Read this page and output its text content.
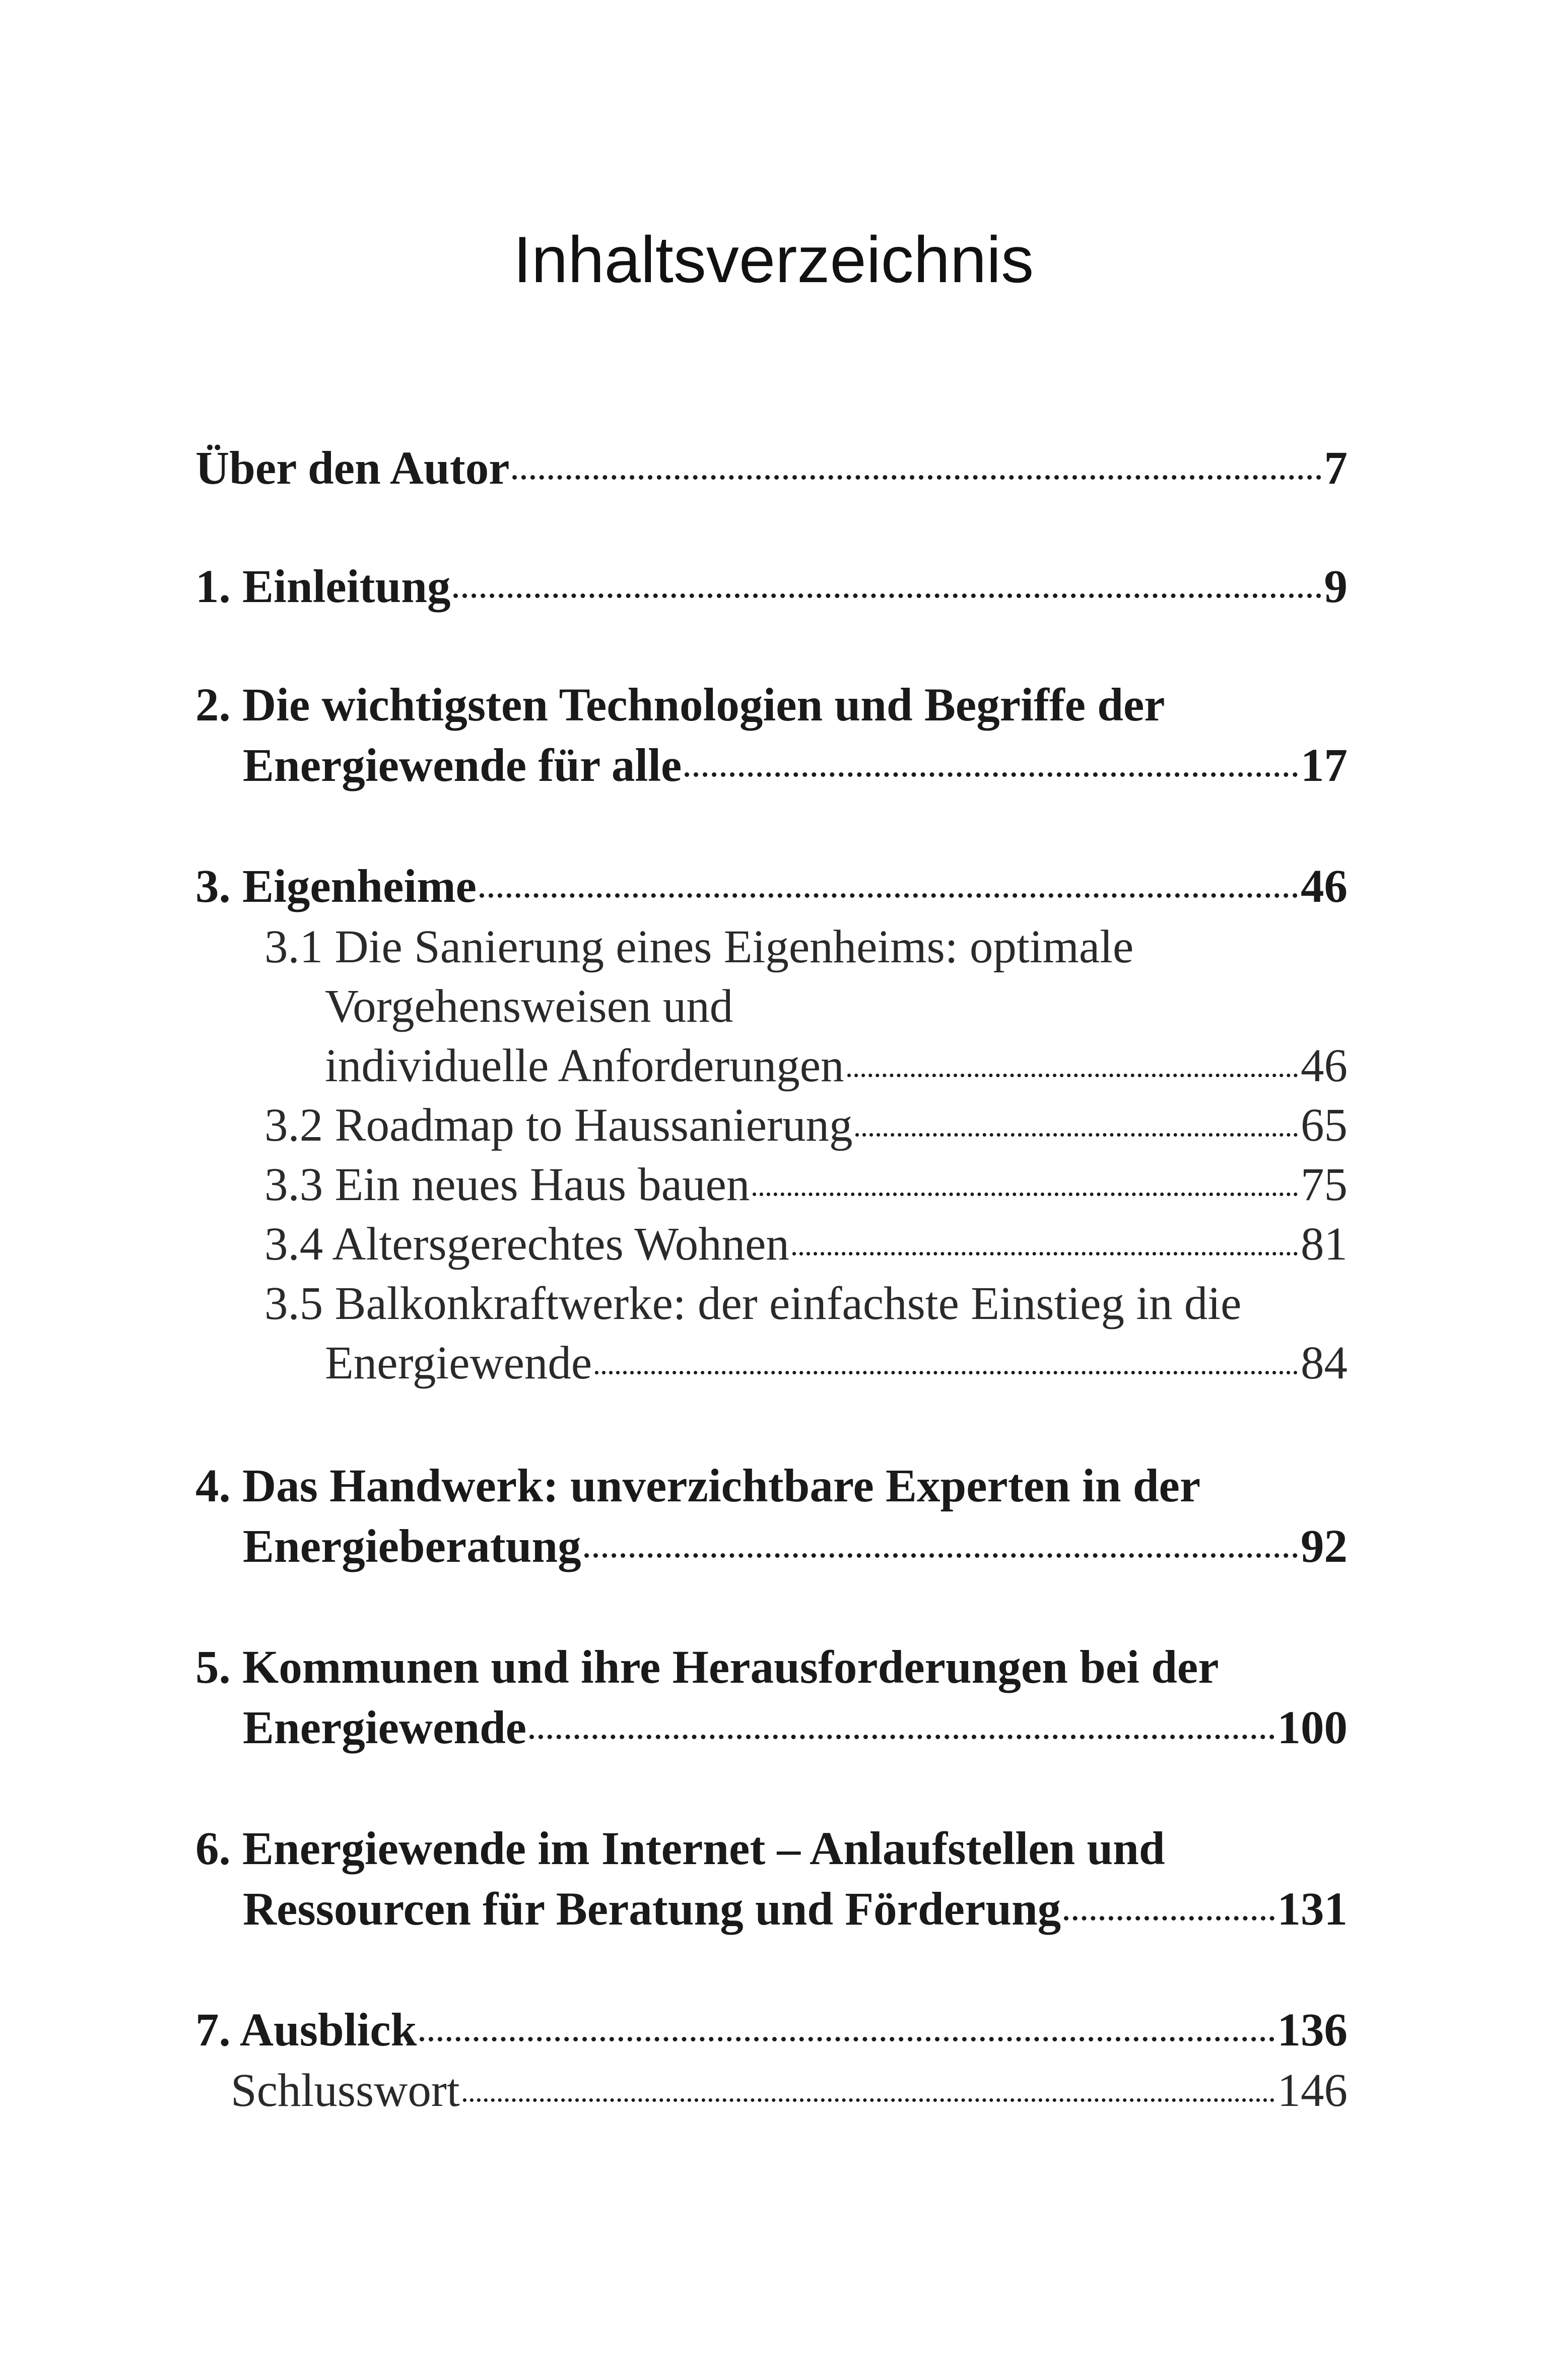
Inhaltsverzeichnis
Über den Autor	7
1. Einleitung	9
2. Die wichtigsten Technologien und Begriffe der
Energiewende für alle	17
3. Eigenheime	46
3.1 Die Sanierung eines Eigenheims: optimale
Vorgehensweisen und
individuelle Anforderungen	46
3.2 Roadmap to Haussanierung	65
3.3 Ein neues Haus bauen	75
3.4 Altersgerechtes Wohnen	81
3.5 Balkonkraftwerke: der einfachste Einstieg in die
Energiewende	84
4. Das Handwerk: unverzichtbare Experten in der
Energieberatung	92
5. Kommunen und ihre Herausforderungen bei der
Energiewende	100
6. Energiewende im Internet – Anlaufstellen und
Ressourcen für Beratung und Förderung	131
7. Ausblick	136
Schlusswort	146
